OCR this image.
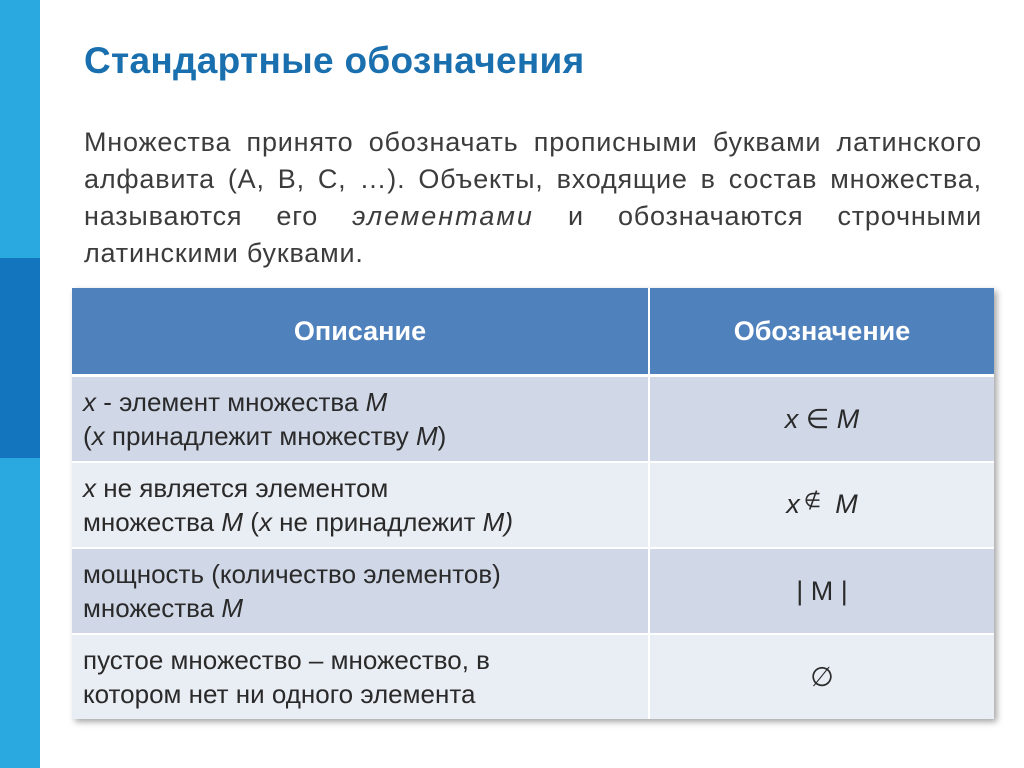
Стандартные обозначения

Множества принято обозначать прописными буквами латинского алфавита (A, B, C, …). Объекты, входящие в состав множества, называются его элементами и обозначаются строчными латинскими буквами.

Описание	Обозначение

x - элемент множества M
(x принадлежит множеству M)	x ∈ M

x не является элементом
множества M (x не принадлежит M)	x ∉ M

мощность (количество элементов)
множества M	| M |

пустое множество – множество, в
котором нет ни одного элемента	∅
